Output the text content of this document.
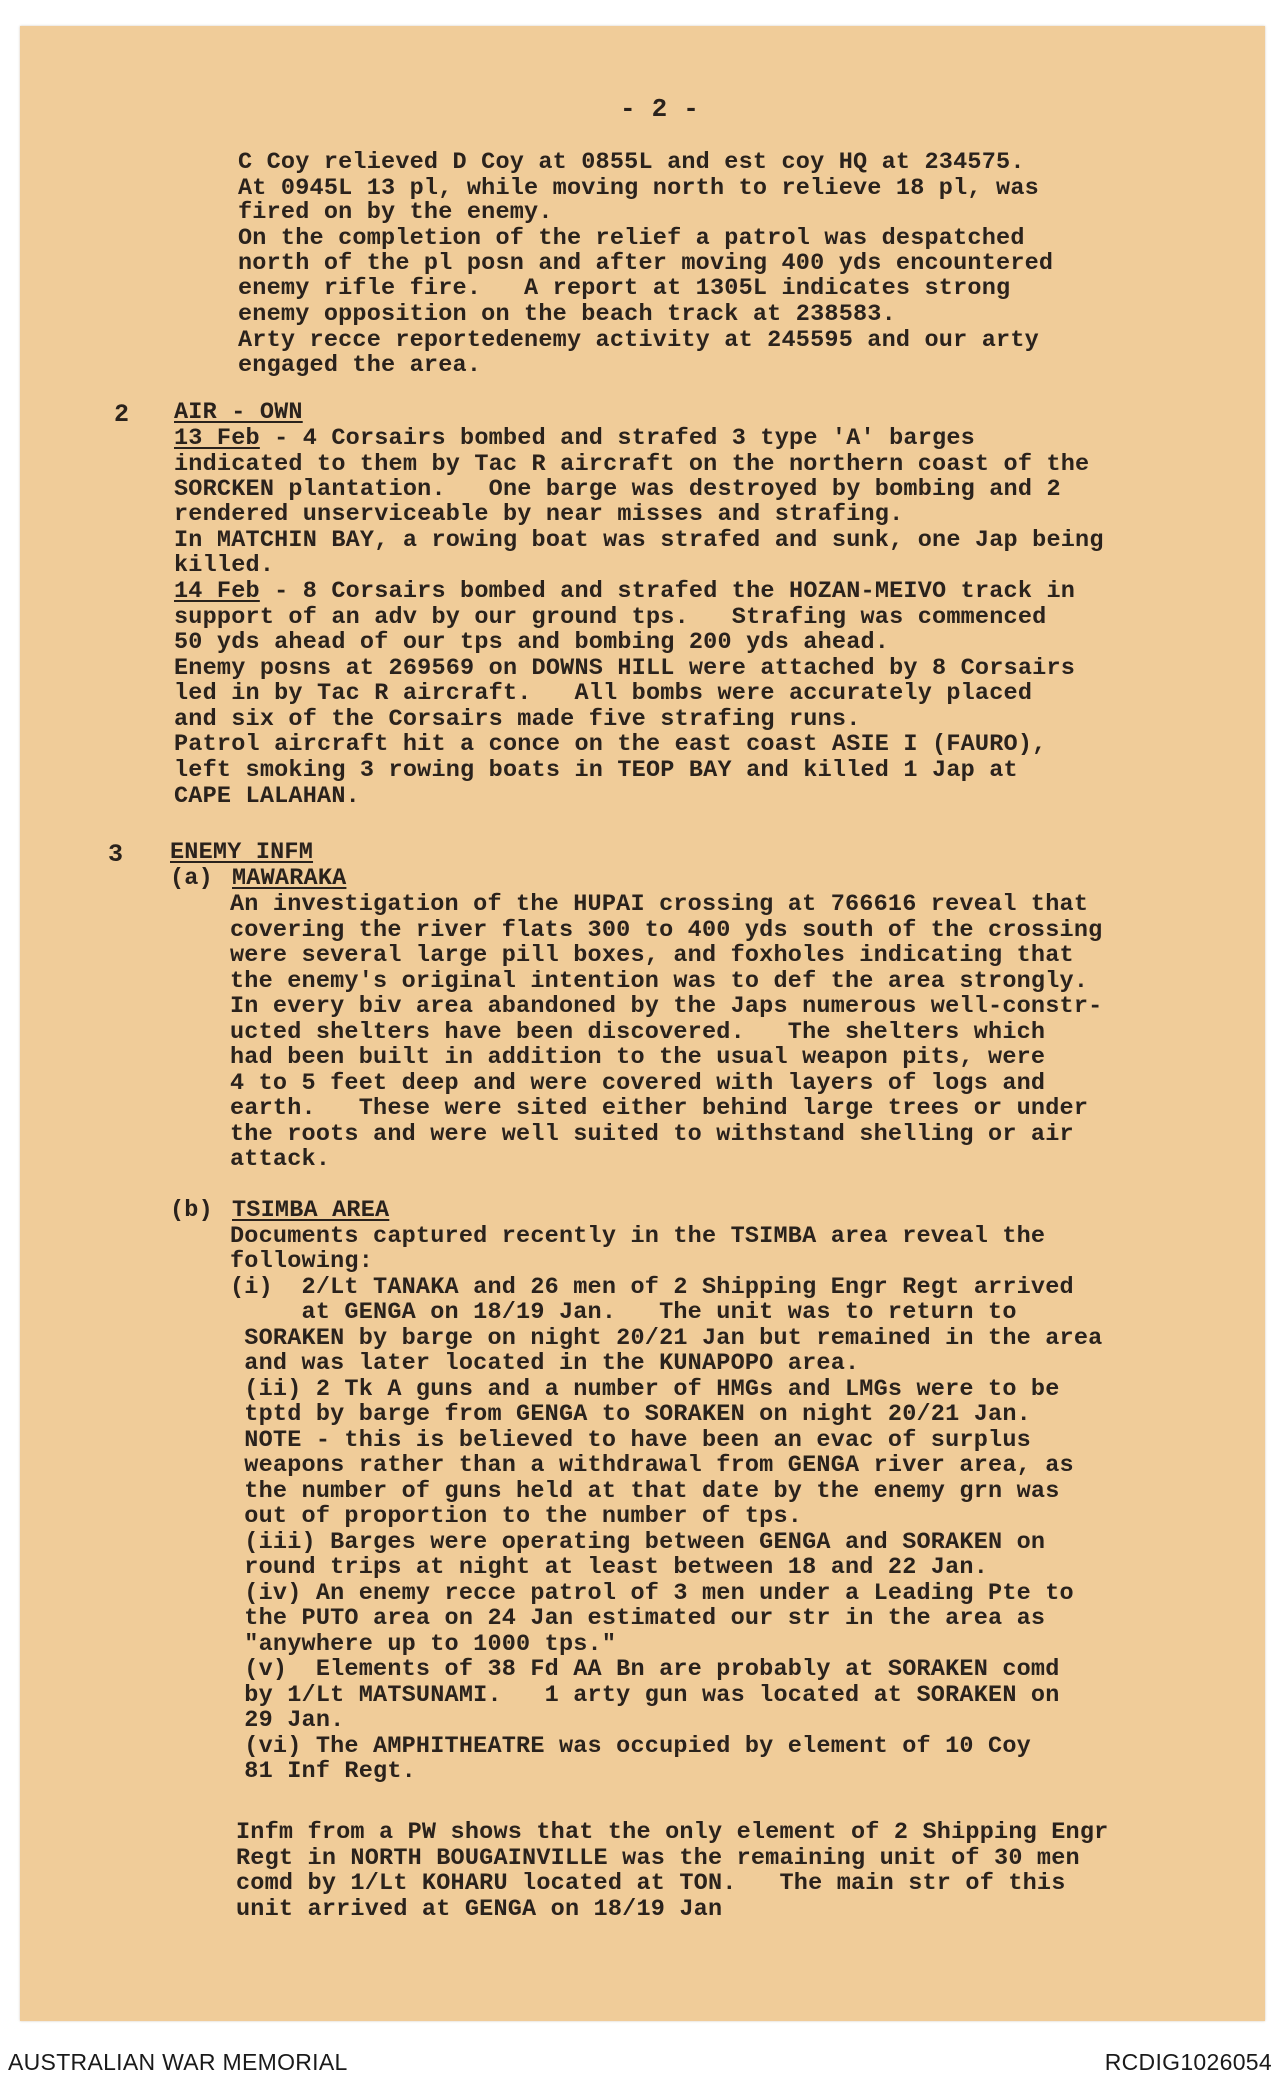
- 2 -
C Coy relieved D Coy at 0855L and est coy HQ at 234575.
At 0945L 13 pl, while moving north to relieve 18 pl, was
fired on by the enemy.
On the completion of the relief a patrol was despatched
north of the pl posn and after moving 400 yds encountered
enemy rifle fire.   A report at 1305L indicates strong
enemy opposition on the beach track at 238583.
Arty recce reportedenemy activity at 245595 and our arty
engaged the area.
2 AIR - OWN
13 Feb - 4 Corsairs bombed and strafed 3 type 'A' barges
indicated to them by Tac R aircraft on the northern coast of the
SORCKEN plantation.   One barge was destroyed by bombing and 2
rendered unserviceable by near misses and strafing.
In MATCHIN BAY, a rowing boat was strafed and sunk, one Jap being
killed.
14 Feb - 8 Corsairs bombed and strafed the HOZAN-MEIVO track in
support of an adv by our ground tps.   Strafing was commenced
50 yds ahead of our tps and bombing 200 yds ahead.
Enemy posns at 269569 on DOWNS HILL were attached by 8 Corsairs
led in by Tac R aircraft.   All bombs were accurately placed
and six of the Corsairs made five strafing runs.
Patrol aircraft hit a conce on the east coast ASIE I (FAURO),
left smoking 3 rowing boats in TEOP BAY and killed 1 Jap at
CAPE LALAHAN.
3 ENEMY INFM
(a) MAWARAKA
An investigation of the HUPAI crossing at 766616 reveal that
covering the river flats 300 to 400 yds south of the crossing
were several large pill boxes, and foxholes indicating that
the enemy's original intention was to def the area strongly.
In every biv area abandoned by the Japs numerous well-constr-
ucted shelters have been discovered.   The shelters which
had been built in addition to the usual weapon pits, were
4 to 5 feet deep and were covered with layers of logs and
earth.   These were sited either behind large trees or under
the roots and were well suited to withstand shelling or air
attack.
(b) TSIMBA AREA
Documents captured recently in the TSIMBA area reveal the
following:
(i)  2/Lt TANAKA and 26 men of 2 Shipping Engr Regt arrived
at GENGA on 18/19 Jan.   The unit was to return to
SORAKEN by barge on night 20/21 Jan but remained in the area
and was later located in the KUNAPOPO area.
(ii) 2 Tk A guns and a number of HMGs and LMGs were to be
tptd by barge from GENGA to SORAKEN on night 20/21 Jan.
NOTE - this is believed to have been an evac of surplus
weapons rather than a withdrawal from GENGA river area, as
the number of guns held at that date by the enemy grn was
out of proportion to the number of tps.
(iii) Barges were operating between GENGA and SORAKEN on
round trips at night at least between 18 and 22 Jan.
(iv) An enemy recce patrol of 3 men under a Leading Pte to
the PUTO area on 24 Jan estimated our str in the area as
"anywhere up to 1000 tps."
(v)  Elements of 38 Fd AA Bn are probably at SORAKEN comd
by 1/Lt MATSUNAMI.   1 arty gun was located at SORAKEN on
29 Jan.
(vi) The AMPHITHEATRE was occupied by element of 10 Coy
81 Inf Regt.
Infm from a PW shows that the only element of 2 Shipping Engr
Regt in NORTH BOUGAINVILLE was the remaining unit of 30 men
comd by 1/Lt KOHARU located at TON.   The main str of this
unit arrived at GENGA on 18/19 Jan
AUSTRALIAN WAR MEMORIAL	RCDIG1026054
